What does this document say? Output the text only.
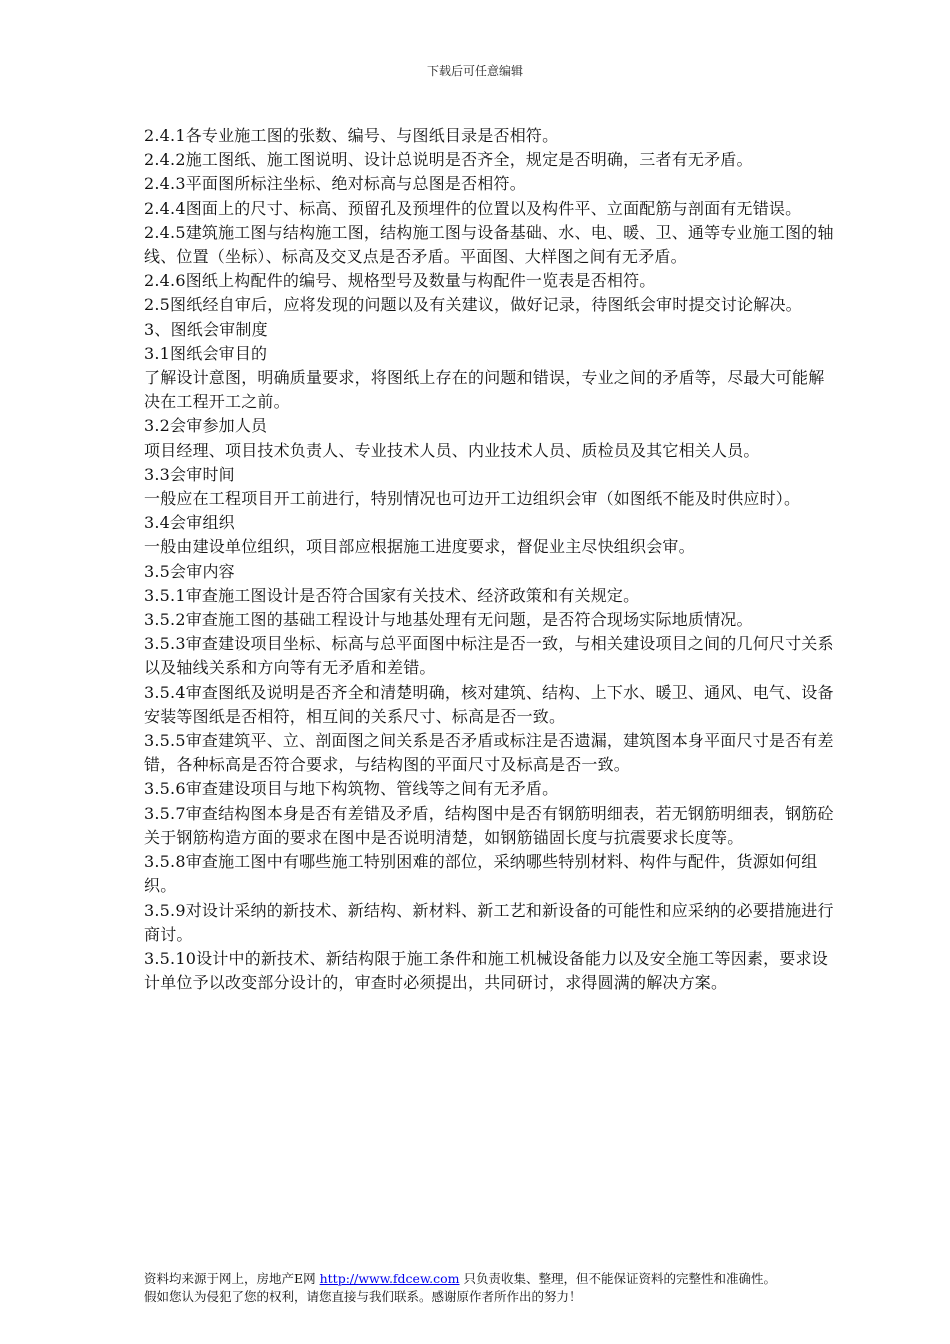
下载后可任意编辑

2.4.1各专业施工图的张数、编号、与图纸目录是否相符。

2.4.2施工图纸、施工图说明、设计总说明是否齐全，规定是否明确，三者有无矛盾。

2.4.3平面图所标注坐标、绝对标高与总图是否相符。

2.4.4图面上的尺寸、标高、预留孔及预埋件的位置以及构件平、立面配筋与剖面有无错误。

2.4.5建筑施工图与结构施工图，结构施工图与设备基础、水、电、暖、卫、通等专业施工图的轴线、位置（坐标）、标高及交叉点是否矛盾。平面图、大样图之间有无矛盾。

2.4.6图纸上构配件的编号、规格型号及数量与构配件一览表是否相符。

2.5图纸经自审后，应将发现的问题以及有关建议，做好记录，待图纸会审时提交讨论解决。

3、图纸会审制度

3.1图纸会审目的

了解设计意图，明确质量要求，将图纸上存在的问题和错误，专业之间的矛盾等，尽最大可能解决在工程开工之前。

3.2会审参加人员

项目经理、项目技术负责人、专业技术人员、内业技术人员、质检员及其它相关人员。

3.3会审时间

一般应在工程项目开工前进行，特别情况也可边开工边组织会审（如图纸不能及时供应时）。

3.4会审组织

一般由建设单位组织，项目部应根据施工进度要求，督促业主尽快组织会审。

3.5会审内容

3.5.1审查施工图设计是否符合国家有关技术、经济政策和有关规定。

3.5.2审查施工图的基础工程设计与地基处理有无问题，是否符合现场实际地质情况。

3.5.3审查建设项目坐标、标高与总平面图中标注是否一致，与相关建设项目之间的几何尺寸关系以及轴线关系和方向等有无矛盾和差错。

3.5.4审查图纸及说明是否齐全和清楚明确，核对建筑、结构、上下水、暖卫、通风、电气、设备安装等图纸是否相符，相互间的关系尺寸、标高是否一致。

3.5.5审查建筑平、立、剖面图之间关系是否矛盾或标注是否遗漏，建筑图本身平面尺寸是否有差错，各种标高是否符合要求，与结构图的平面尺寸及标高是否一致。

3.5.6审查建设项目与地下构筑物、管线等之间有无矛盾。

3.5.7审查结构图本身是否有差错及矛盾，结构图中是否有钢筋明细表，若无钢筋明细表，钢筋砼关于钢筋构造方面的要求在图中是否说明清楚，如钢筋锚固长度与抗震要求长度等。

3.5.8审查施工图中有哪些施工特别困难的部位，采纳哪些特别材料、构件与配件，货源如何组织。

3.5.9对设计采纳的新技术、新结构、新材料、新工艺和新设备的可能性和应采纳的必要措施进行商讨。

3.5.10设计中的新技术、新结构限于施工条件和施工机械设备能力以及安全施工等因素，要求设计单位予以改变部分设计的，审查时必须提出，共同研讨，求得圆满的解决方案。

资料均来源于网上，房地产E网 http://www.fdcew.com 只负责收集、整理，但不能保证资料的完整性和准确性。

假如您认为侵犯了您的权利，请您直接与我们联系。感谢原作者所作出的努力！
